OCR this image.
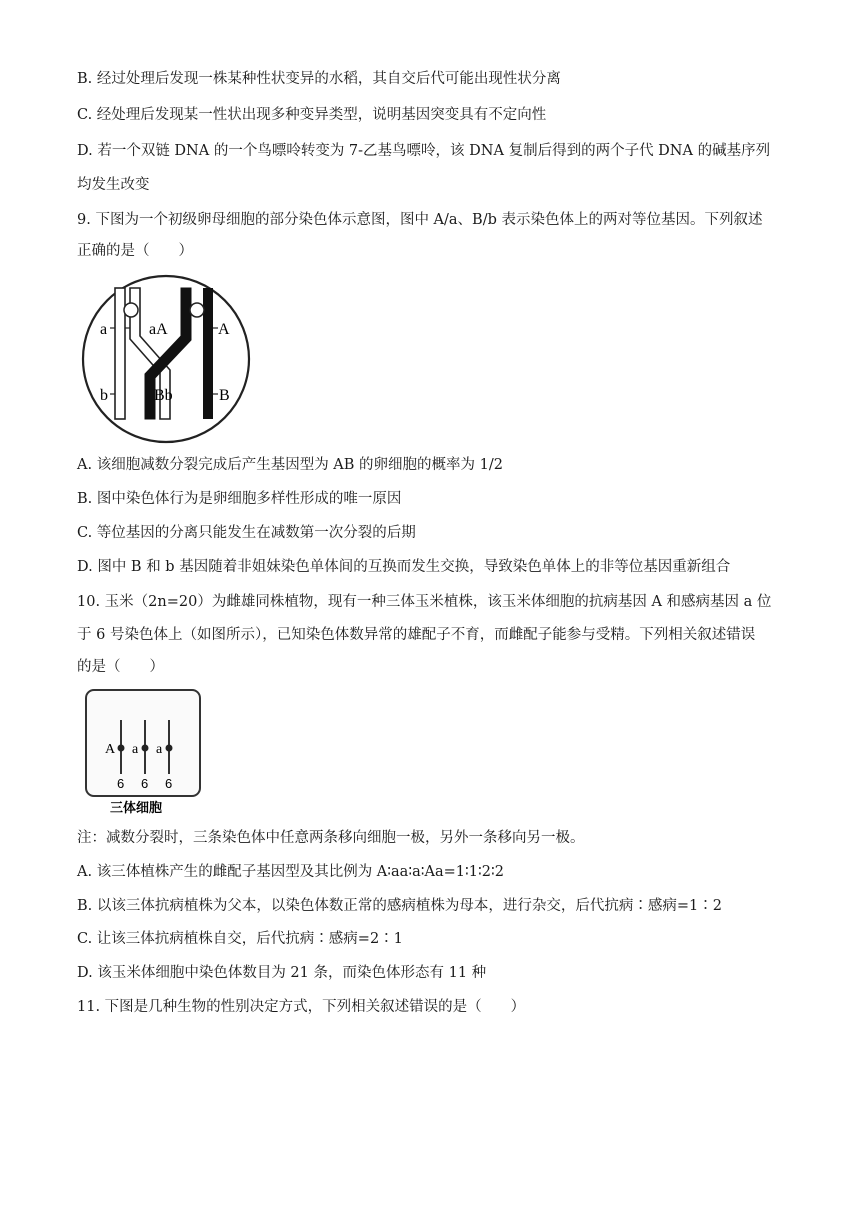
B. 经过处理后发现一株某种性状变异的水稻，其自交后代可能出现性状分离
C. 经处理后发现某一性状出现多种变异类型，说明基因突变具有不定向性
D. 若一个双链 DNA 的一个鸟嘌呤转变为 7-乙基鸟嘌呤，该 DNA 复制后得到的两个子代 DNA 的碱基序列
均发生改变
9. 下图为一个初级卵母细胞的部分染色体示意图，图中 A/a、B/b 表示染色体上的两对等位基因。下列叙述
正确的是（　　）
a	aA	A
b	Bb	B
A. 该细胞减数分裂完成后产生基因型为 AB 的卵细胞的概率为 1/2
B. 图中染色体行为是卵细胞多样性形成的唯一原因
C. 等位基因的分离只能发生在减数第一次分裂的后期
D. 图中 B 和 b 基因随着非姐妹染色单体间的互换而发生交换，导致染色单体上的非等位基因重新组合
10. 玉米（2n=20）为雌雄同株植物，现有一种三体玉米植株，该玉米体细胞的抗病基因 A 和感病基因 a 位
于 6 号染色体上（如图所示），已知染色体数异常的雄配子不育，而雌配子能参与受精。下列相关叙述错误
的是（　　）
A a a
6 6 6
三体细胞
注：减数分裂时，三条染色体中任意两条移向细胞一极，另外一条移向另一极。
A. 该三体植株产生的雌配子基因型及其比例为 A∶aa∶a∶Aa=1∶1∶2∶2
B. 以该三体抗病植株为父本，以染色体数正常的感病植株为母本，进行杂交，后代抗病∶感病=1∶2
C. 让该三体抗病植株自交，后代抗病∶感病=2∶1
D. 该玉米体细胞中染色体数目为 21 条，而染色体形态有 11 种
11. 下图是几种生物的性别决定方式，下列相关叙述错误的是（　　）
